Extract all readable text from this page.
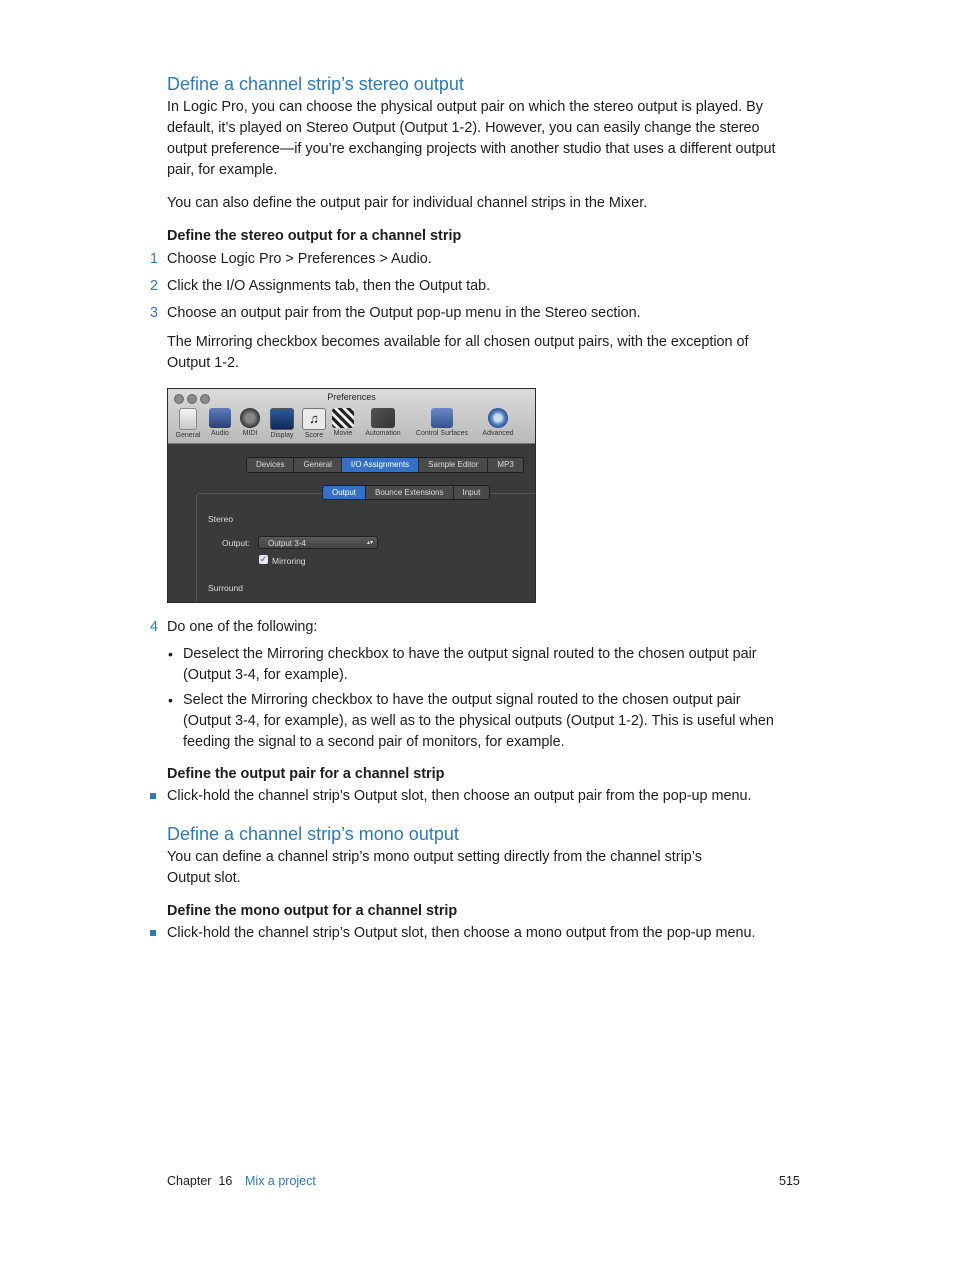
Define a channel strip’s stereo output
In Logic Pro, you can choose the physical output pair on which the stereo output is played. By default, it’s played on Stereo Output (Output 1-2). However, you can easily change the stereo output preference—if you’re exchanging projects with another studio that uses a different output pair, for example.
You can also define the output pair for individual channel strips in the Mixer.
Define the stereo output for a channel strip
1 Choose Logic Pro > Preferences > Audio.
2 Click the I/O Assignments tab, then the Output tab.
3 Choose an output pair from the Output pop-up menu in the Stereo section.
The Mirroring checkbox becomes available for all chosen output pairs, with the exception of Output 1-2.
Preferences
General	Audio	MIDI	Display
♫
Score	Movie	Automation	Control Surfaces	Advanced
Devices	General	I/O Assignments	Sample Editor	MP3
Output	Bounce Extensions	Input
Stereo
Output:	Output 3-4	▴▾
✓ Mirroring
Surround
4 Do one of the following:
• Deselect the Mirroring checkbox to have the output signal routed to the chosen output pair (Output 3-4, for example).
• Select the Mirroring checkbox to have the output signal routed to the chosen output pair (Output 3-4, for example), as well as to the physical outputs (Output 1-2). This is useful when feeding the signal to a second pair of monitors, for example.
Define the output pair for a channel strip
Click-hold the channel strip’s Output slot, then choose an output pair from the pop-up menu.
Define a channel strip’s mono output
You can define a channel strip’s mono output setting directly from the channel strip’s Output slot.
Define the mono output for a channel strip
Click-hold the channel strip’s Output slot, then choose a mono output from the pop-up menu.
Chapter  16 Mix a project	515
